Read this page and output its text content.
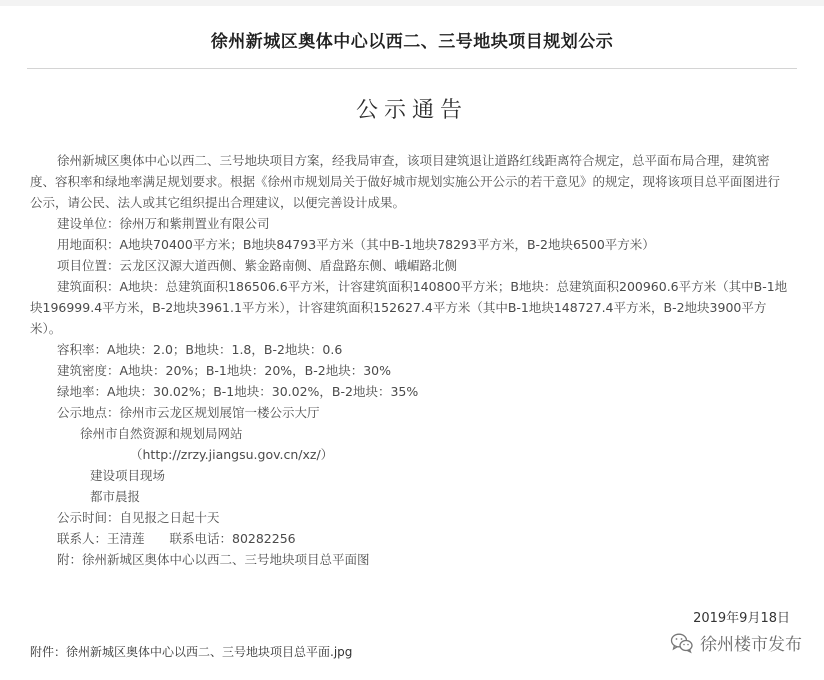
徐州新城区奥体中心以西二、三号地块项目规划公示
公示通告

徐州新城区奥体中心以西二、三号地块项目方案，经我局审查，该项目建筑退让道路红线距离符合规定，总平面布局合理，建筑密度、容积率和绿地率满足规划要求。根据《徐州市规划局关于做好城市规划实施公开公示的若干意见》的规定，现将该项目总平面图进行公示，请公民、法人或其它组织提出合理建议，以便完善设计成果。

建设单位：徐州万和紫荆置业有限公司

用地面积：A地块70400平方米；B地块84793平方米（其中B-1地块78293平方米，B-2地块6500平方米）

项目位置：云龙区汉源大道西侧、紫金路南侧、盾盘路东侧、峨嵋路北侧

建筑面积：A地块：总建筑面积186506.6平方米，计容建筑面积140800平方米；B地块：总建筑面积200960.6平方米（其中B-1地块196999.4平方米，B-2地块3961.1平方米），计容建筑面积152627.4平方米（其中B-1地块148727.4平方米，B-2地块3900平方米）。

容积率：A地块：2.0；B地块：1.8，B-2地块：0.6

建筑密度：A地块：20%；B-1地块：20%，B-2地块：30%

绿地率：A地块：30.02%；B-1地块：30.02%，B-2地块：35%

公示地点：徐州市云龙区规划展馆一楼公示大厅

徐州市自然资源和规划局网站

（http://zrzy.jiangsu.gov.cn/xz/）

建设项目现场

都市晨报

公示时间：自见报之日起十天

联系人：王清莲　　联系电话：80282256

附：徐州新城区奥体中心以西二、三号地块项目总平面图

2019年9月18日
附件：徐州新城区奥体中心以西二、三号地块项目总平面.jpg	徐州楼市发布
